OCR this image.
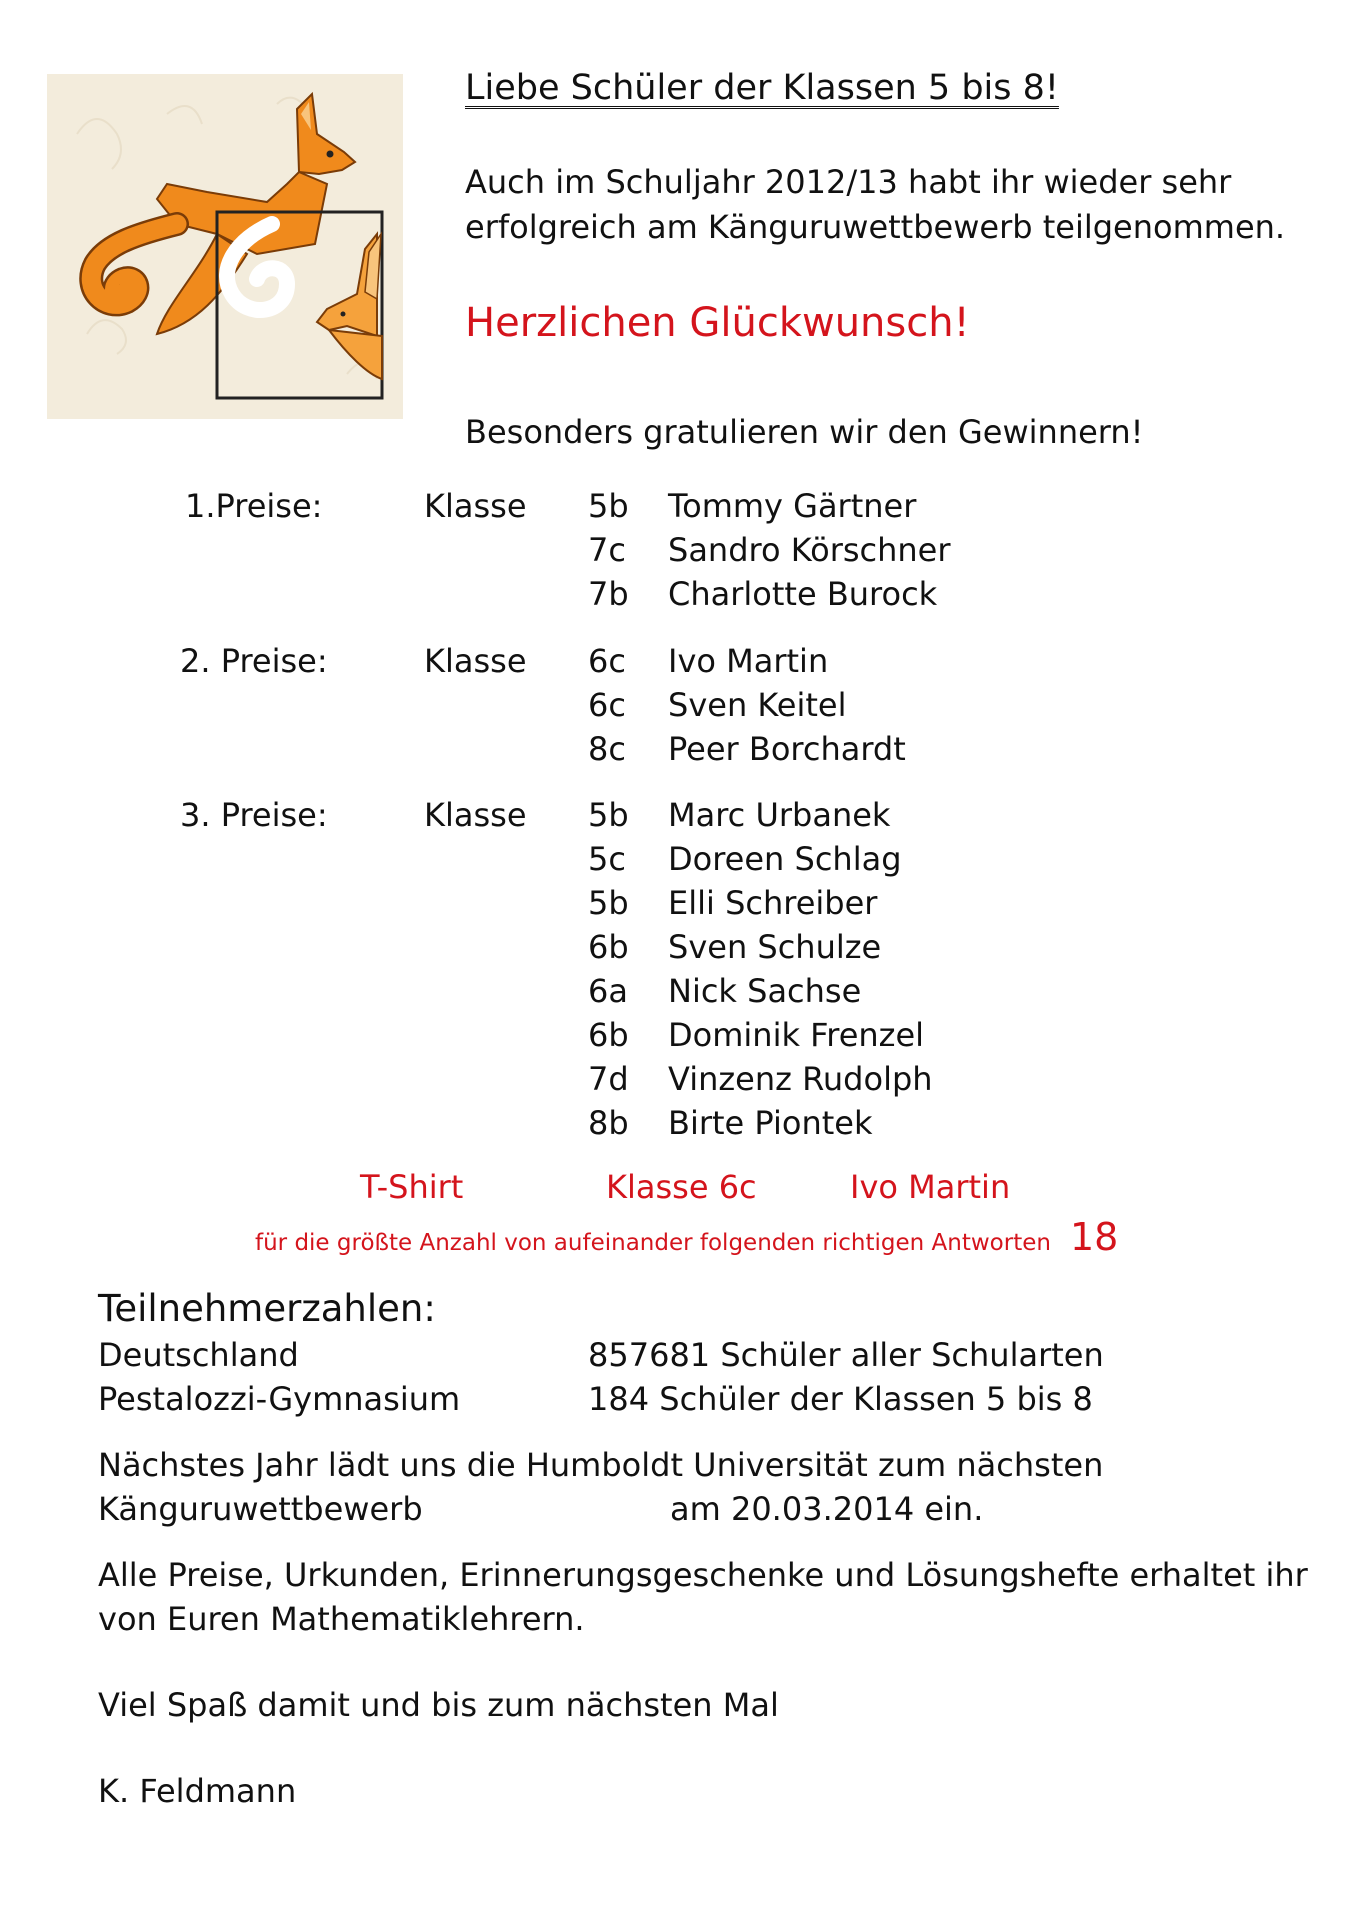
Liebe Schüler der Klassen 5 bis 8!
Auch im Schuljahr 2012/13 habt ihr wieder sehr
erfolgreich am Känguruwettbewerb teilgenommen.
Herzlichen Glückwunsch!
Besonders gratulieren wir den Gewinnern!
1.Preise:	Klasse 5b Tommy Gärtner
7c Sandro Körschner
7b Charlotte Burock
2. Preise:	Klasse 6c Ivo Martin
6c Sven Keitel
8c Peer Borchardt
3. Preise:	Klasse 5b Marc Urbanek
5c Doreen Schlag
5b Elli Schreiber
6b Sven Schulze
6a Nick Sachse
6b Dominik Frenzel
7d Vinzenz Rudolph
8b Birte Piontek
T-Shirt	Klasse 6c	Ivo Martin
für die größte Anzahl von aufeinander folgenden richtigen Antworten 18
Teilnehmerzahlen:
Deutschland	857681 Schüler aller Schularten
Pestalozzi-Gymnasium	184 Schüler der Klassen 5 bis 8
Nächstes Jahr lädt uns die Humboldt Universität zum nächsten
Känguruwettbewerb	am 20.03.2014 ein.
Alle Preise, Urkunden, Erinnerungsgeschenke und Lösungshefte erhaltet ihr
von Euren Mathematiklehrern.
Viel Spaß damit und bis zum nächsten Mal
K. Feldmann
